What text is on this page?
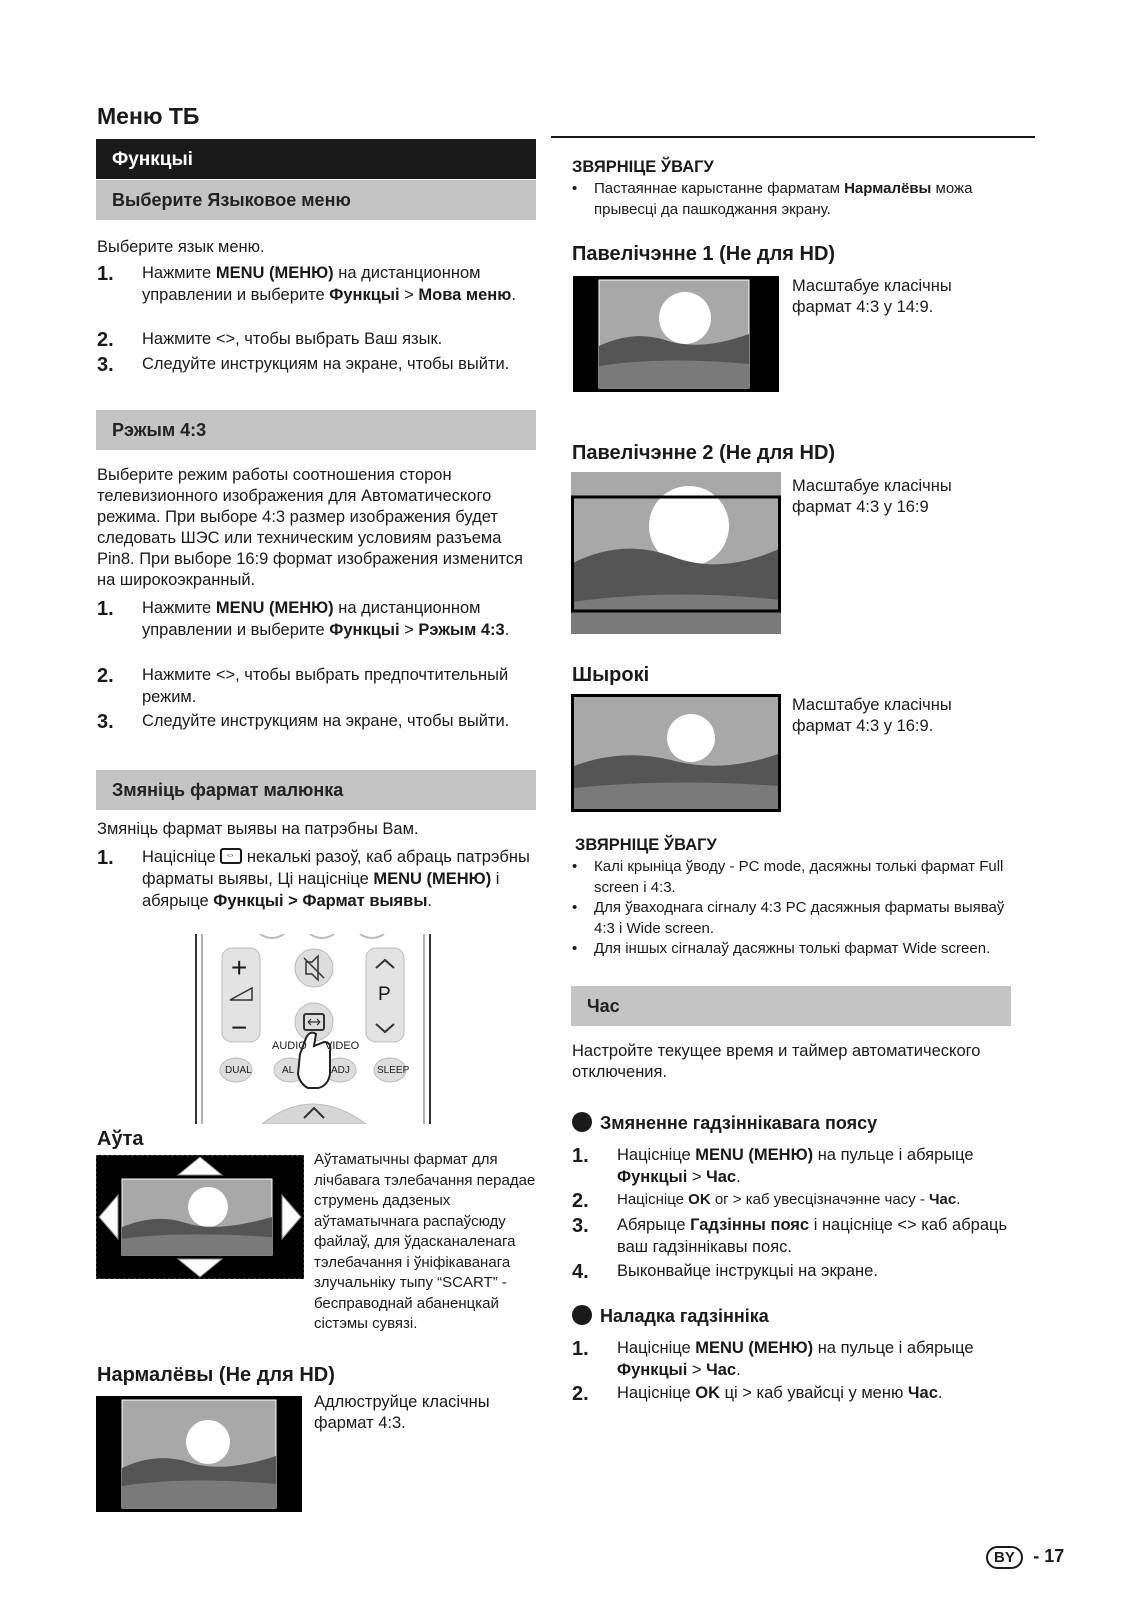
Меню ТБ
Функцыі
Выберите Языковое меню
Выберите язык меню.
1. Нажмите MENU (МЕНЮ) на дистанционном управлении и выберите Функцыі > Мова меню.
2. Нажмите <>, чтобы выбрать Ваш язык.
3. Следуйте инструкциям на экране, чтобы выйти.
Рэжым 4:3
Выберите режим работы соотношения сторон телевизионного изображения для Автоматического режима. При выборе 4:3 размер изображения будет следовать ШЭС или техническим условиям разъема Pin8. При выборе 16:9 формат изображения изменится на широкоэкранный.
1. Нажмите MENU (МЕНЮ) на дистанционном управлении и выберите Функцыі > Рэжым 4:3.
2. Нажмите <>, чтобы выбрать предпочтительный режим.
3. Следуйте инструкциям на экране, чтобы выйти.
Змяніць фармат малюнка
Змяніць фармат выявы на патрэбны Вам.
1. Націсніце ⇔ некалькі разоў, каб абраць патрэбны фарматы выявы, Ці націсніце MENU (МЕНЮ) і абярыце Функцыі > Фармат выявы.
+
−
P
AUDIO VIDEO
DUAL	AL	ADJ	SLEEP
Аўта
Аўтаматычны фармат для лічбавага тэлебачання перадае струмень дадзеных аўтаматычнага распаўсюду файлаў, для ўдасканаленага тэлебачання і ўніфікаванага злучальніку тыпу “SCART” - бесправоднай абаненцкай сістэмы сувязі.
Нармалёвы (Не для HD)
Адлюструйце класічны фармат 4:3.
ЗВЯРНІЦЕ ЎВАГУ
• Пастаяннае карыстанне фарматам Нармалёвы можа прывесці да пашкоджання экрану.
Павелічэнне 1 (Не для HD)
Масштабуе класічны фармат 4:3 у 14:9.
Павелічэнне 2 (Не для HD)
Масштабуе класічны фармат 4:3 у 16:9
Шырокі
Масштабуе класічны фармат 4:3 у 16:9.
ЗВЯРНІЦЕ ЎВАГУ
• Калі крыніца ўводу - PC mode, дасяжны толькі фармат Full screen і 4:3.
• Для ўваходнага сігналу 4:3 PC дасяжныя фарматы выяваў 4:3 і Wide screen.
• Для іншых сігналаў дасяжны толькі фармат Wide screen.
Час
Настройте текущее время и таймер автоматического отключения.
Змяненне гадзіннікавага поясу
1. Націсніце MENU (МЕНЮ) на пульце і абярыце Функцыі > Час.
2. Націсніце OK ог > каб увесцізначэнне часу - Час.
3. Абярыце Гадзінны пояс і націсніце <> каб абраць ваш гадзіннікавы пояс.
4. Выконвайце інструкцыі на экране.
Наладка гадзінніка
1. Націсніце MENU (МЕНЮ) на пульце і абярыце Функцыі > Час.
2. Націсніце OK ці > каб увайсці у меню Час.
BY - 17
